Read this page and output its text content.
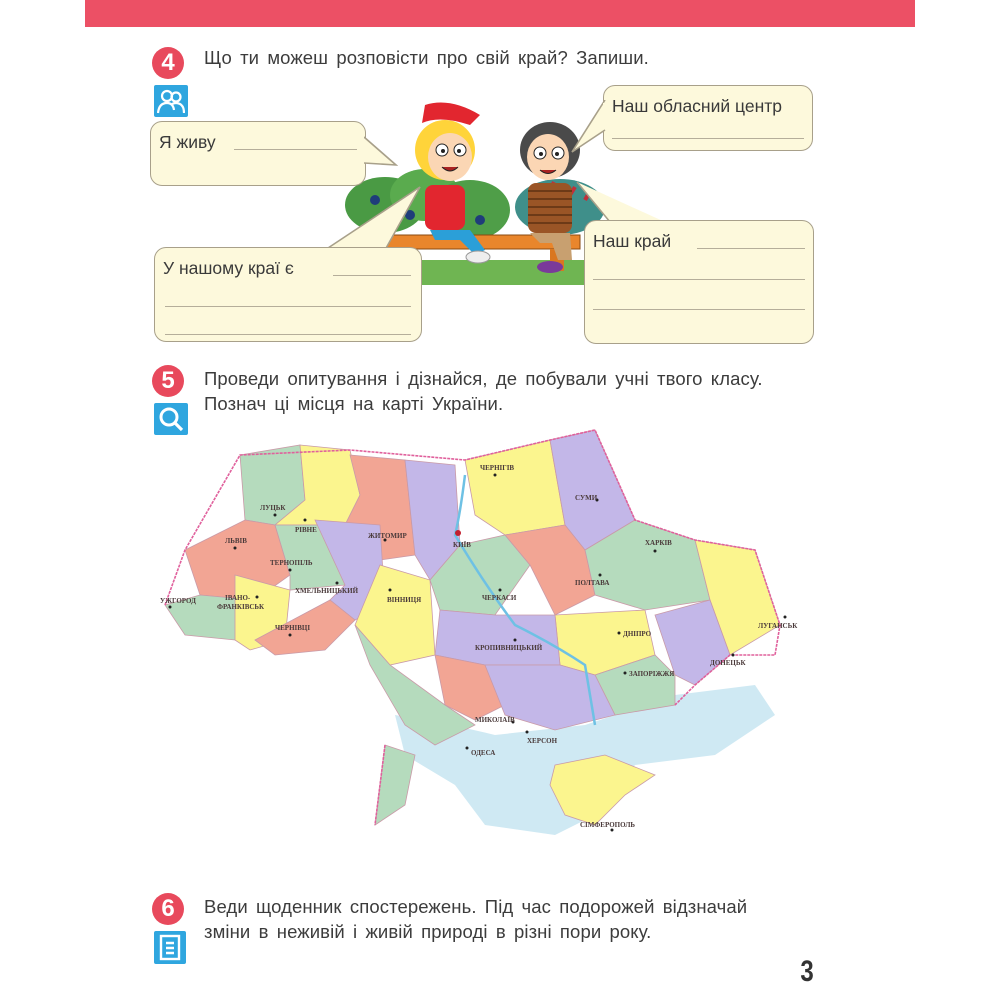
4	Що ти можеш розповісти про свій край? Запиши.
Я живу
Наш обласний центр
У нашому краї є
Наш край
5	Проведи опитування і дізнайся, де побували учні твого класу.
Познач ці місця на карті України.
ЛУЦЬК
РІВНЕ
ЖИТОМИР
КИЇВ
ЧЕРНІГІВ
СУМИ
ХАРКІВ
ПОЛТАВА
ЧЕРКАСИ
ЛЬВІВ
ТЕРНОПІЛЬ
ХМЕЛЬНИЦЬКИЙ
ВІННИЦЯ
УЖГОРОД	ІВАНО-
ФРАНКІВСЬК
ЧЕРНІВЦІ
КРОПИВНИЦЬКИЙ
ДНІПРО
ЗАПОРІЖЖЯ
ДОНЕЦЬК
ЛУГАНСЬК
МИКОЛАЇВ
ХЕРСОН
ОДЕСА
СІМФЕРОПОЛЬ
6	Веди щоденник спостережень. Під час подорожей відзначай
зміни в неживій і живій природі в різні пори року.
3
